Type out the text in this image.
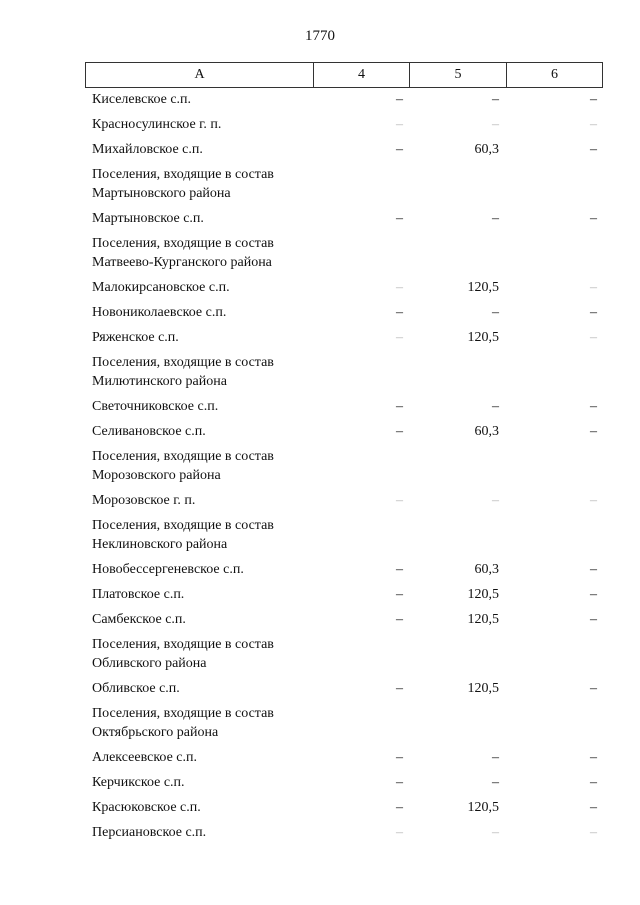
1770
А	4	5	6
Киселевское с.п.	–	–	–
Красносулинское г. п.	–	–	–
Михайловское с.п.	–	60,3	–
Поселения, входящие в состав Мартыновского района
Мартыновское с.п.	–	–	–
Поселения, входящие в состав Матвеево-Курганского района
Малокирсановское с.п.	–	120,5	–
Новониколаевское с.п.	–	–	–
Ряженское с.п.	–	120,5	–
Поселения, входящие в состав Милютинского района
Светочниковское с.п.	–	–	–
Селивановское с.п.	–	60,3	–
Поселения, входящие в состав Морозовского района
Морозовское г. п.	–	–	–
Поселения, входящие в состав Неклиновского района
Новобессергеневское с.п.	–	60,3	–
Платовское с.п.	–	120,5	–
Самбекское с.п.	–	120,5	–
Поселения, входящие в состав Обливского района
Обливское с.п.	–	120,5	–
Поселения, входящие в состав Октябрьского района
Алексеевское с.п.	–	–	–
Керчикское с.п.	–	–	–
Красюковское с.п.	–	120,5	–
Персиановское с.п.	–	–	–
